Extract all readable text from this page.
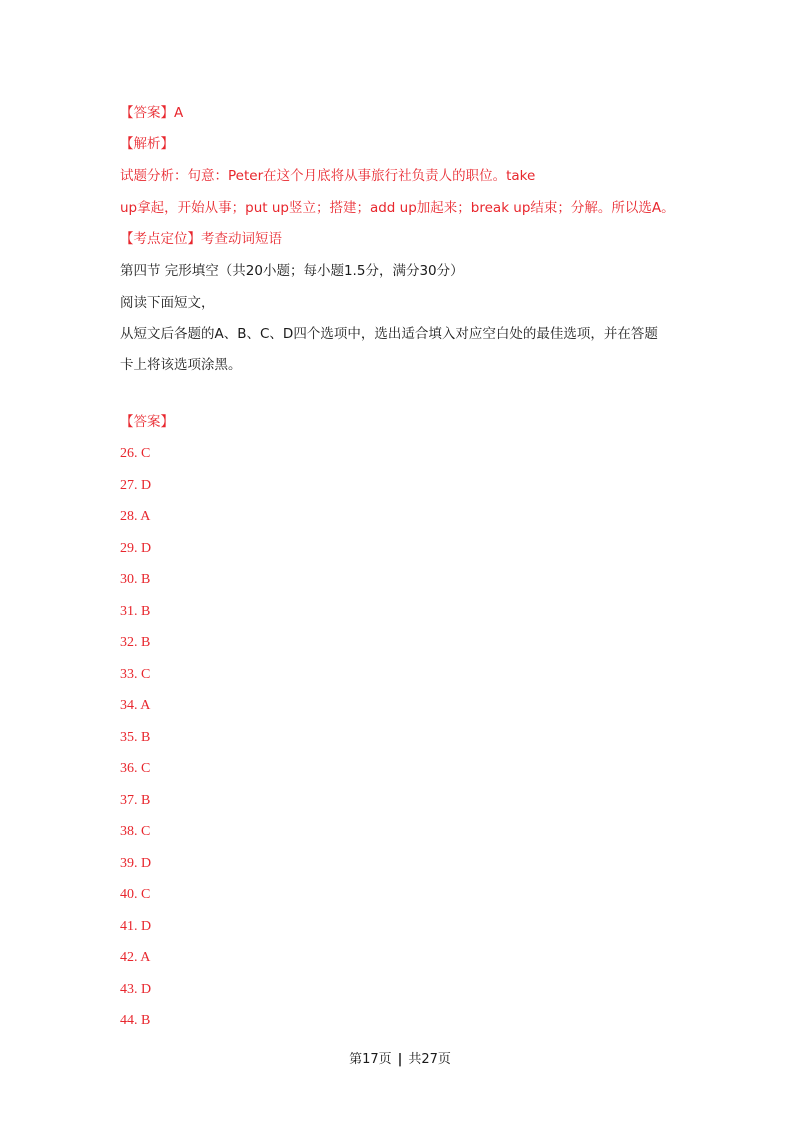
【答案】A
【解析】
试题分析：句意：Peter在这个月底将从事旅行社负责人的职位。take
up拿起，开始从事；put up竖立；搭建；add up加起来；break up结束；分解。所以选A。
【考点定位】考查动词短语
第四节 完形填空（共20小题；每小题1.5分，满分30分）
阅读下面短文，
从短文后各题的A、B、C、D四个选项中，选出适合填入对应空白处的最佳选项，并在答题
卡上将该选项涂黑。
【答案】
26. C
27. D
28. A
29. D
30. B
31. B
32. B
33. C
34. A
35. B
36. C
37. B
38. C
39. D
40. C
41. D
42. A
43. D
44. B
第17页 | 共27页
